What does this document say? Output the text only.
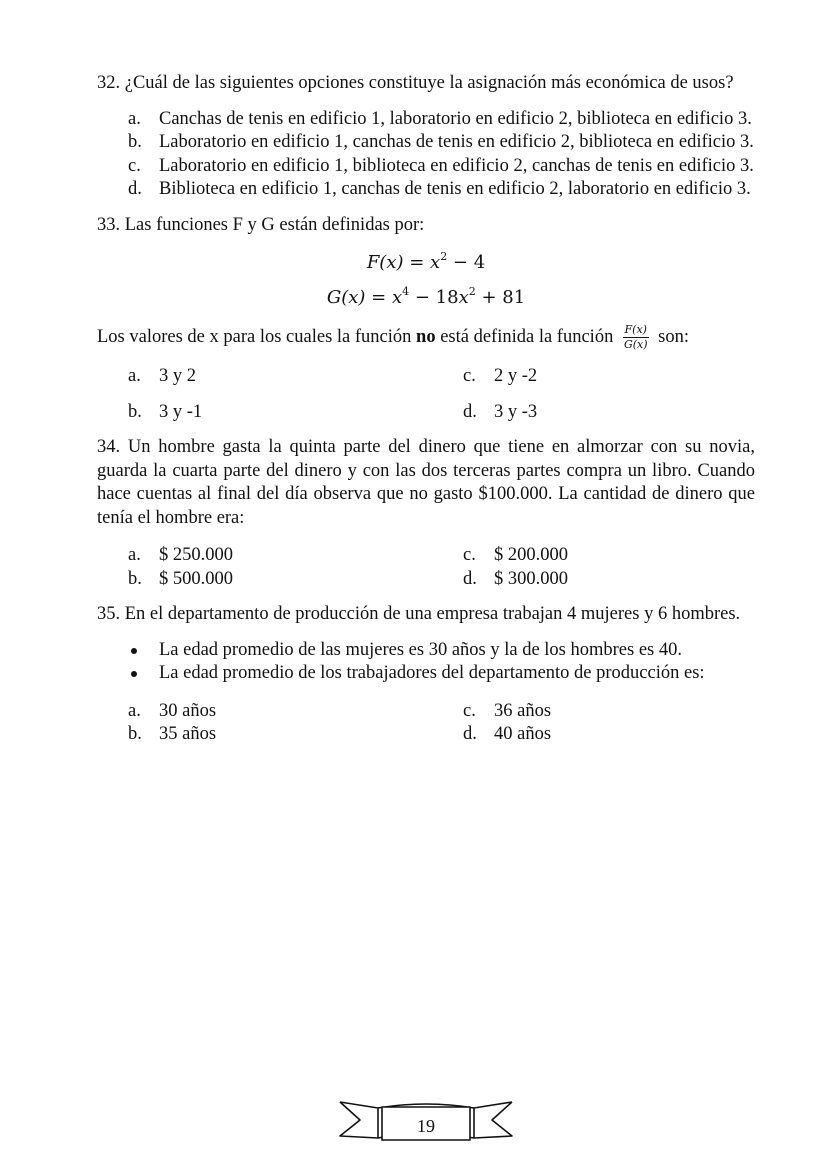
32. ¿Cuál de las siguientes opciones constituye la asignación más económica de usos?

a. Canchas de tenis en edificio 1, laboratorio en edificio 2, biblioteca en edificio 3.
b. Laboratorio en edificio 1, canchas de tenis en edificio 2, biblioteca en edificio 3.
c. Laboratorio en edificio 1, biblioteca en edificio 2, canchas de tenis en edificio 3.
d. Biblioteca en edificio 1, canchas de tenis en edificio 2, laboratorio en edificio 3.

33. Las funciones F y G están definidas por:

$F(x) = x^2 - 4$

$G(x) = x^4 - 18x^2 + 81$

Los valores de x para los cuales la función no está definida la función $\frac{F(x)}{G(x)}$ son:
a. 3 y 2	c. 2 y -2
b. 3 y -1	d. 3 y -3

34. Un hombre gasta la quinta parte del dinero que tiene en almorzar con su novia, guarda la cuarta parte del dinero y con las dos terceras partes compra un libro. Cuando hace cuentas al final del día observa que no gasto $100.000. La cantidad de dinero que tenía el hombre era:

a. $ 250.000	c. $ 200.000
b. $ 500.000	d. $ 300.000

35. En el departamento de producción de una empresa trabajan 4 mujeres y 6 hombres.

La edad promedio de las mujeres es 30 años y la de los hombres es 40.
La edad promedio de los trabajadores del departamento de producción es:
a. 30 años	c. 36 años
b. 35 años	d. 40 años
19
